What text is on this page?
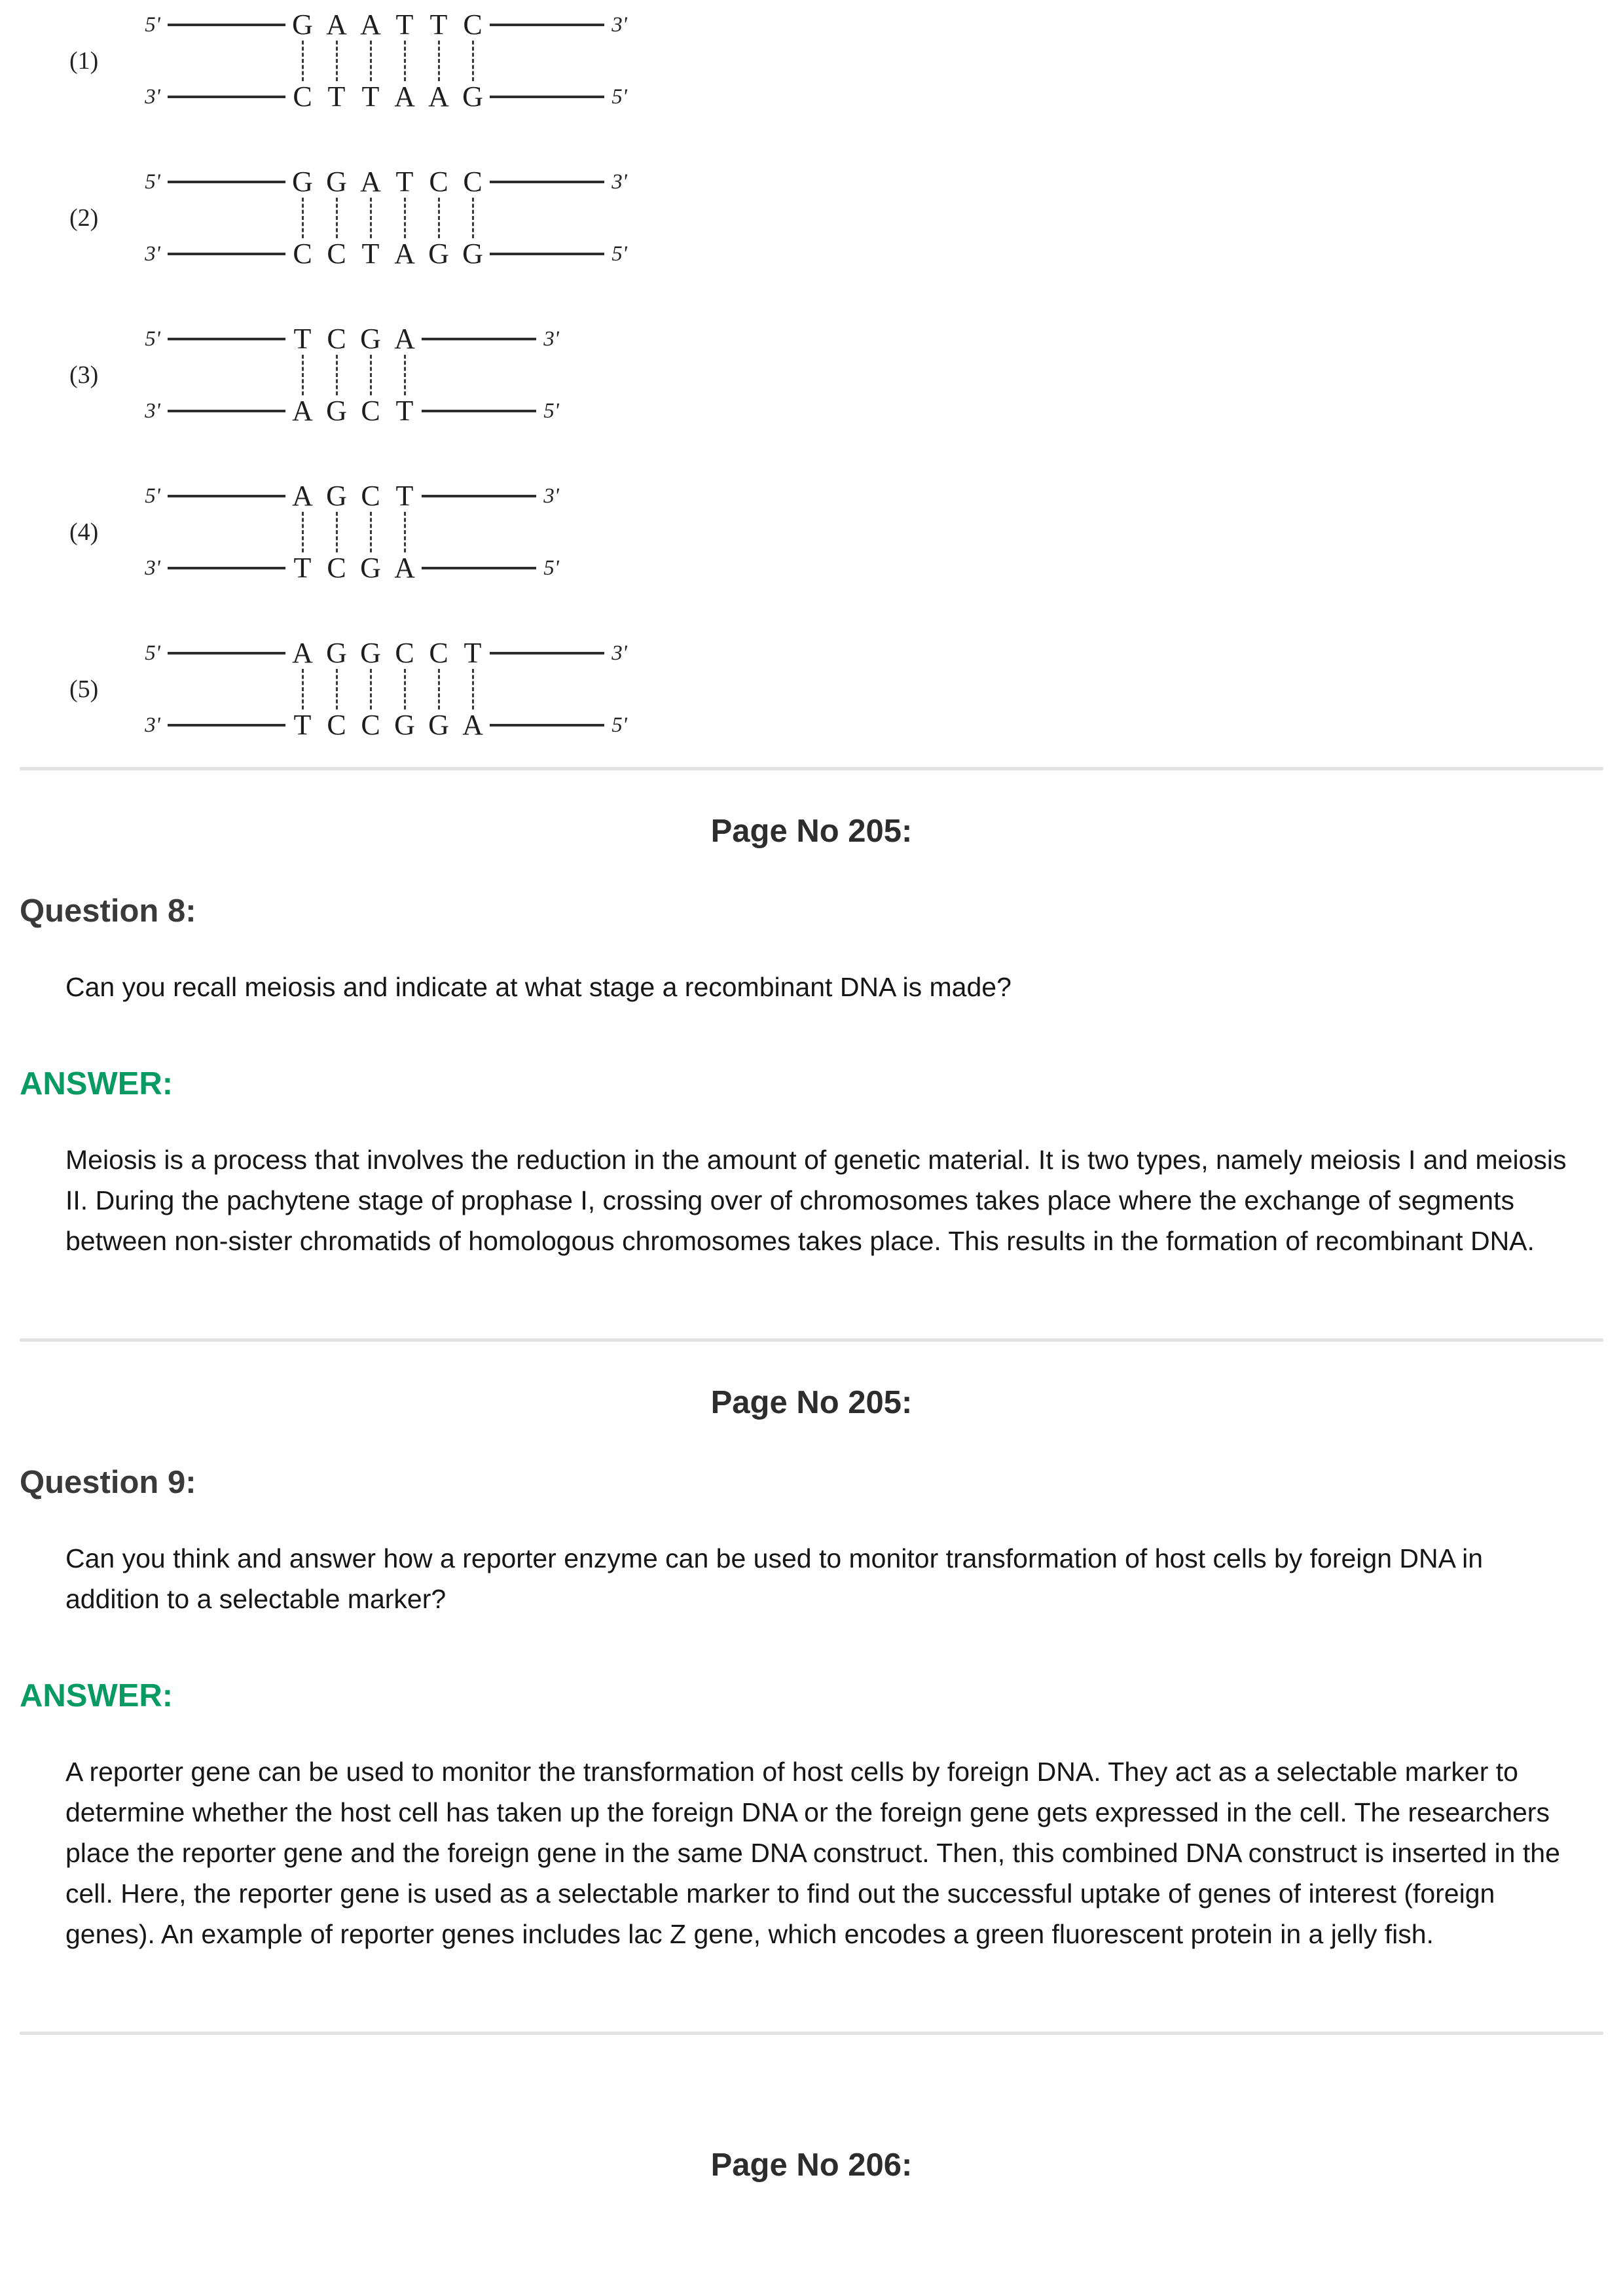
(1)
5'	G A A T T C	3'
3'	C T T A A G	5'
(2)
5'	G G A T C C	3'
3'	C C T A G G	5'
(3)
5'	T C G A	3'
3'	A G C T	5'
(4)
5'	A G C T	3'
3'	T C G A	5'
(5)
5'	A G G C C T	3'
3'	T C C G G A	5'
Page No 205:
Question 8:
Can you recall meiosis and indicate at what stage a recombinant DNA is made?
ANSWER:
Meiosis is a process that involves the reduction in the amount of genetic material. It is two types, namely meiosis I and meiosis II. During the pachytene stage of prophase I, crossing over of chromosomes takes place where the exchange of segments between non-sister chromatids of homologous chromosomes takes place. This results in the formation of recombinant DNA.
Page No 205:
Question 9:
Can you think and answer how a reporter enzyme can be used to monitor transformation of host cells by foreign DNA in addition to a selectable marker?
ANSWER:
A reporter gene can be used to monitor the transformation of host cells by foreign DNA. They act as a selectable marker to determine whether the host cell has taken up the foreign DNA or the foreign gene gets expressed in the cell. The researchers place the reporter gene and the foreign gene in the same DNA construct. Then, this combined DNA construct is inserted in the cell. Here, the reporter gene is used as a selectable marker to find out the successful uptake of genes of interest (foreign genes). An example of reporter genes includes lac Z gene, which encodes a green fluorescent protein in a jelly fish.
Page No 206:
